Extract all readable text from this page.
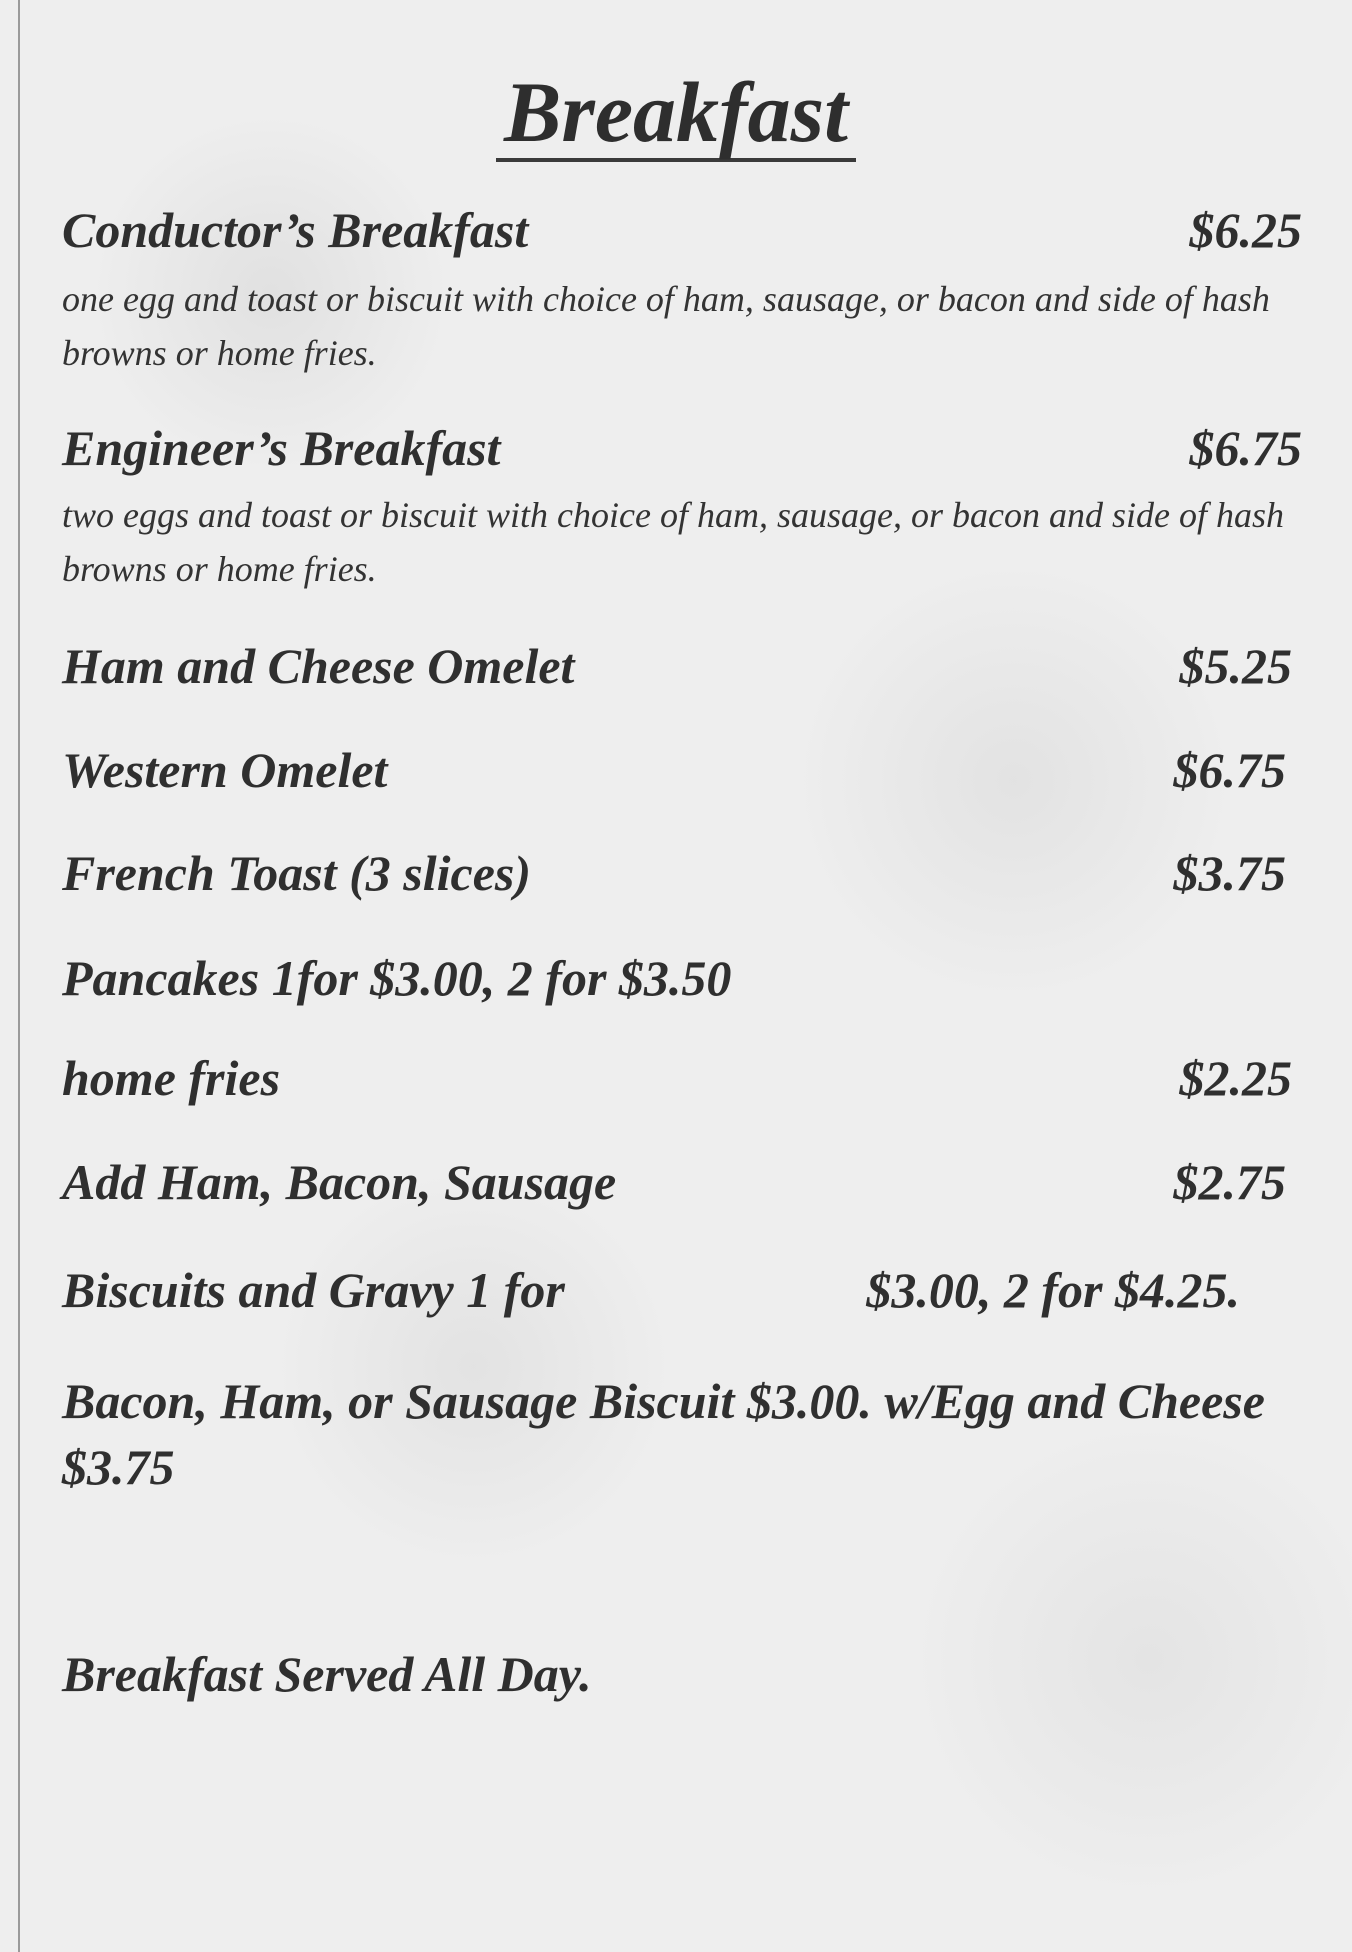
Breakfast
Conductor’s Breakfast	$6.25
one egg and toast or biscuit with choice of ham, sausage, or bacon and side of hash browns or home fries.
Engineer’s Breakfast	$6.75
two eggs and toast or biscuit with choice of ham, sausage, or bacon and side of hash browns or home fries.
Ham and Cheese Omelet	$5.25
Western Omelet	$6.75
French Toast (3 slices)	$3.75
Pancakes 1for $3.00, 2 for $3.50
home fries	$2.25
Add Ham, Bacon, Sausage	$2.75
Biscuits and Gravy 1 for	$3.00, 2 for $4.25.
Bacon, Ham, or Sausage Biscuit $3.00. w/Egg and Cheese $3.75
Breakfast Served All Day.
